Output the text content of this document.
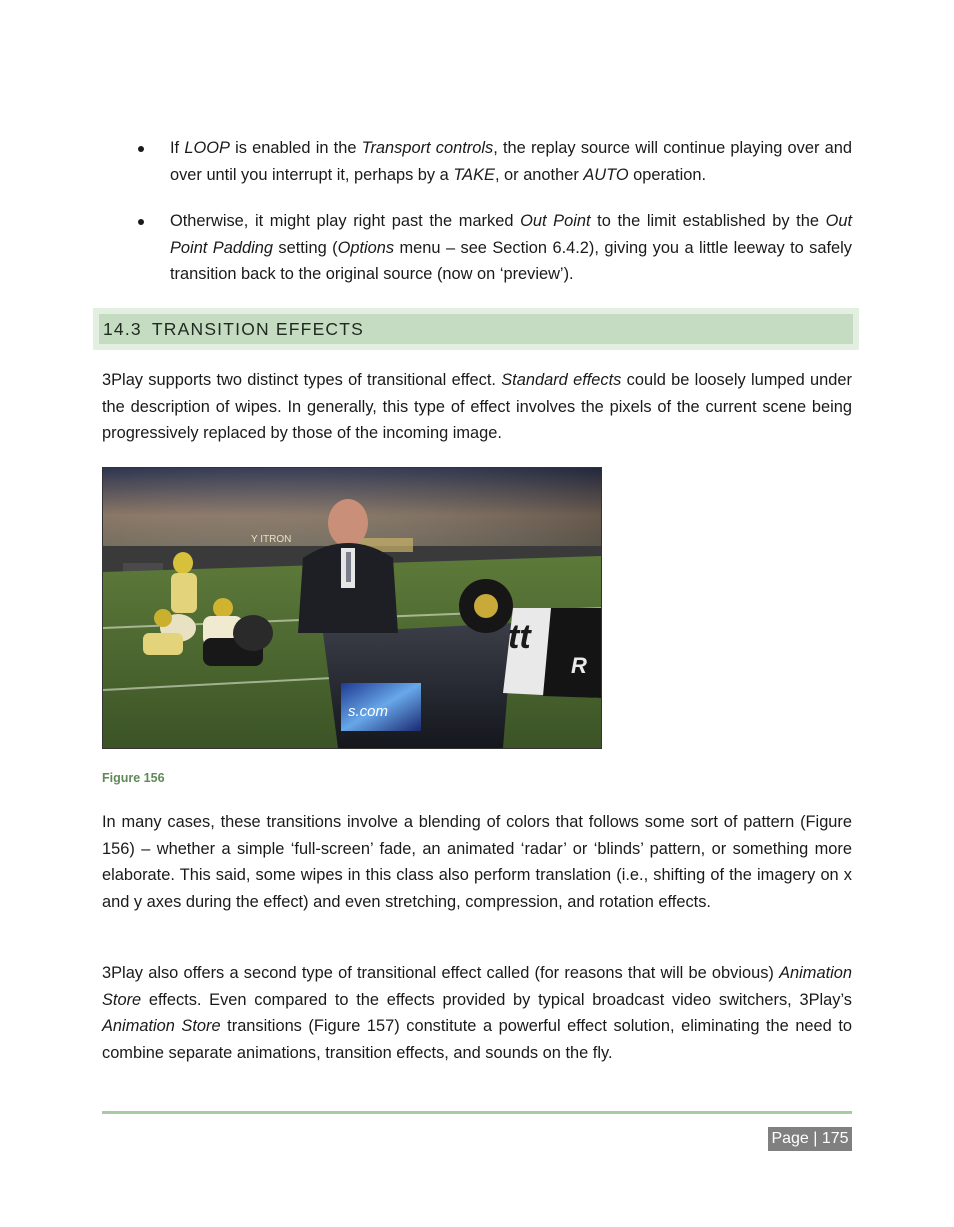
If LOOP is enabled in the Transport controls, the replay source will continue playing over and over until you interrupt it, perhaps by a TAKE, or another AUTO operation.

Otherwise, it might play right past the marked Out Point to the limit established by the Out Point Padding setting (Options menu – see Section 6.4.2), giving you a little leeway to safely transition back to the original source (now on ‘preview’).

14.3 TRANSITION EFFECTS

3Play supports two distinct types of transitional effect. Standard effects could be loosely lumped under the description of wipes. In generally, this type of effect involves the pixels of the current scene being progressively replaced by those of the incoming image.

Y ITRON
s.com
tt
R
Figure 156

In many cases, these transitions involve a blending of colors that follows some sort of pattern (Figure 156) – whether a simple ‘full-screen’ fade, an animated ‘radar’ or ‘blinds’ pattern, or something more elaborate. This said, some wipes in this class also perform translation (i.e., shifting of the imagery on x and y axes during the effect) and even stretching, compression, and rotation effects.

3Play also offers a second type of transitional effect called (for reasons that will be obvious) Animation Store effects. Even compared to the effects provided by typical broadcast video switchers, 3Play’s Animation Store transitions (Figure 157) constitute a powerful effect solution, eliminating the need to combine separate animations, transition effects, and sounds on the fly.

Page | 175
